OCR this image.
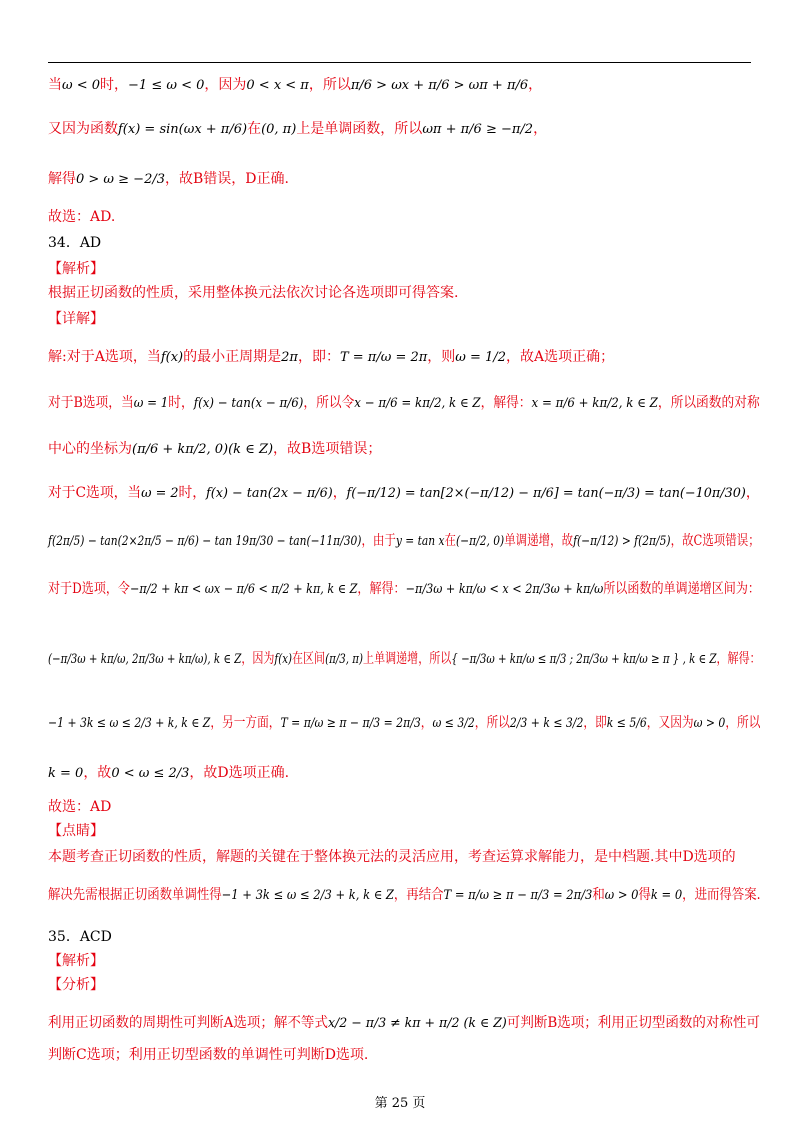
当ω < 0时，−1 ≤ ω < 0，因为0 < x < π，所以π/6 > ωx + π/6 > ωπ + π/6，
又因为函数f(x) = sin(ωx + π/6)在(0, π)上是单调函数，所以ωπ + π/6 ≥ −π/2，
解得0 > ω ≥ −2/3，故B错误，D正确.
故选：AD.
34．AD
【解析】
根据正切函数的性质，采用整体换元法依次讨论各选项即可得答案.
【详解】
解:对于A选项，当f(x)的最小正周期是2π，即：T = π/ω = 2π，则ω = 1/2，故A选项正确；
对于B选项，当ω = 1时，f(x) − tan(x − π/6)，所以令x − π/6 = kπ/2, k ∈ Z，解得：x = π/6 + kπ/2, k ∈ Z，所以函数的对称
中心的坐标为(π/6 + kπ/2, 0)(k ∈ Z)，故B选项错误；
对于C选项，当ω = 2时，f(x) − tan(2x − π/6)，f(−π/12) = tan[2×(−π/12) − π/6] = tan(−π/3) = tan(−10π/30)，
f(2π/5) − tan(2×2π/5 − π/6) − tan 19π/30 − tan(−11π/30)，由于y = tan x在(−π/2, 0)单调递增，故f(−π/12) > f(2π/5)，故C选项错误；
对于D选项，令−π/2 + kπ < ωx − π/6 < π/2 + kπ, k ∈ Z，解得：−π/3ω + kπ/ω < x < 2π/3ω + kπ/ω所以函数的单调递增区间为：
(−π/3ω + kπ/ω, 2π/3ω + kπ/ω), k ∈ Z，因为f(x)在区间(π/3, π)上单调递增，所以{ −π/3ω + kπ/ω ≤ π/3 ; 2π/3ω + kπ/ω ≥ π } , k ∈ Z，解得：
−1 + 3k ≤ ω ≤ 2/3 + k, k ∈ Z，另一方面，T = π/ω ≥ π − π/3 = 2π/3，ω ≤ 3/2，所以2/3 + k ≤ 3/2，即k ≤ 5/6，又因为ω > 0，所以
k = 0，故0 < ω ≤ 2/3，故D选项正确.
故选：AD
【点睛】
本题考查正切函数的性质，解题的关键在于整体换元法的灵活应用，考查运算求解能力，是中档题.其中D选项的
解决先需根据正切函数单调性得−1 + 3k ≤ ω ≤ 2/3 + k, k ∈ Z，再结合T = π/ω ≥ π − π/3 = 2π/3和ω > 0得k = 0，进而得答案.
35．ACD
【解析】
【分析】
利用正切函数的周期性可判断A选项；解不等式x/2 − π/3 ≠ kπ + π/2 (k ∈ Z)可判断B选项；利用正切型函数的对称性可
判断C选项；利用正切型函数的单调性可判断D选项.
第 25 页
